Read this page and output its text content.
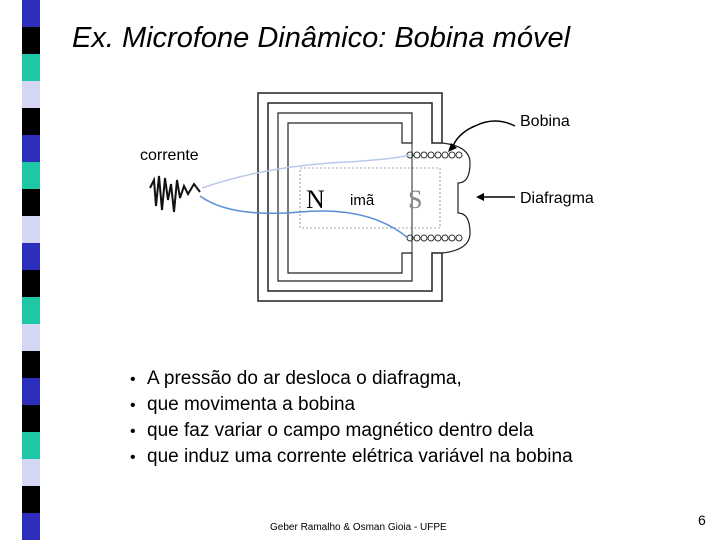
Ex. Microfone Dinâmico: Bobina móvel
Bobina
corrente
Diafragma
imã
N	S
• A pressão do ar desloca o diafragma,
• que movimenta a bobina
• que faz variar o campo magnético dentro dela
• que induz uma corrente elétrica variável na bobina
Geber Ramalho & Osman Gioia - UFPE	6
